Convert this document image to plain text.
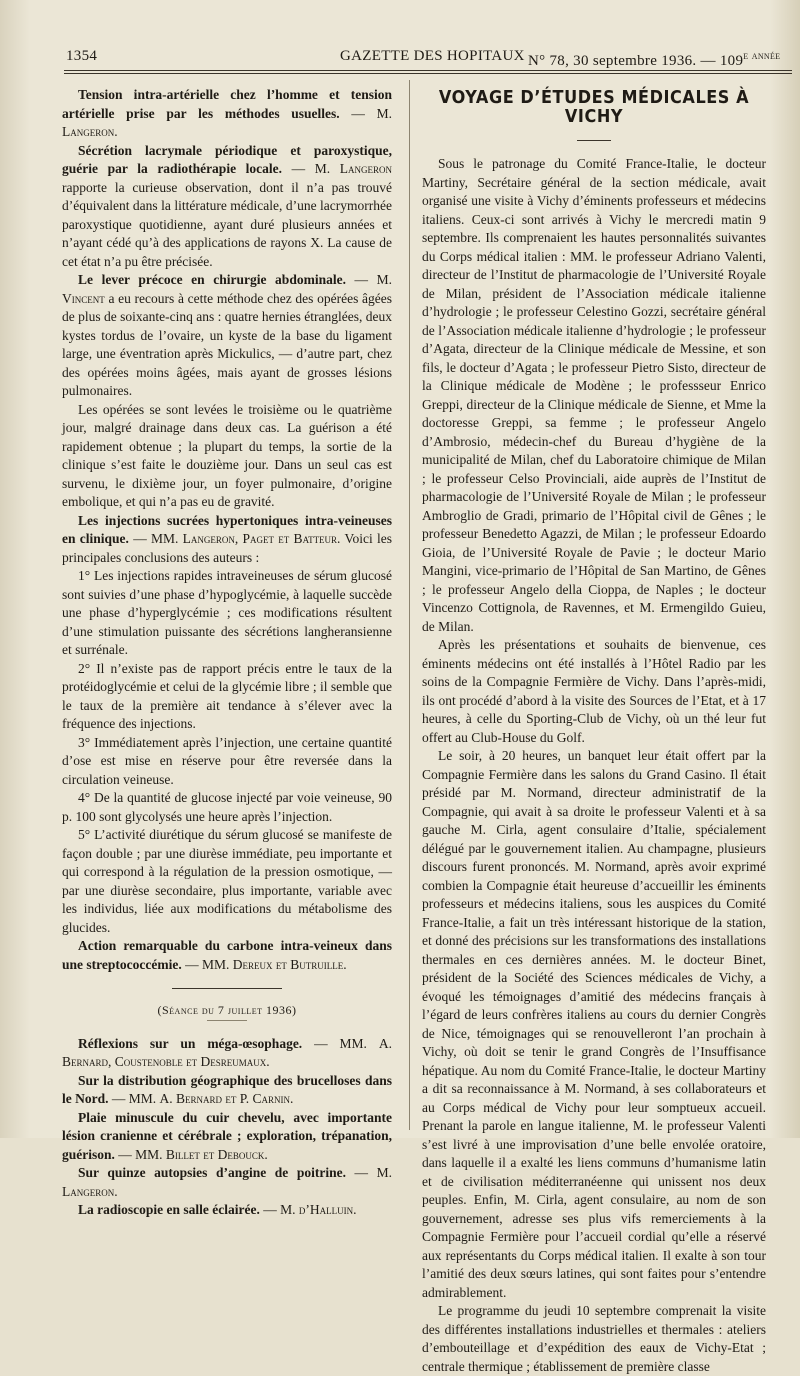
1354	GAZETTE DES HOPITAUX N° 78, 30 septembre 1936. — $109^{e année}$

Tension intra-artérielle chez l’homme et tension artérielle prise par les méthodes usuelles. — M. Langeron.

Sécrétion lacrymale périodique et paroxystique, guérie par la radiothérapie locale. — M. Langeron rapporte la curieuse observation, dont il n’a pas trouvé d’équivalent dans la littérature médicale, d’une lacrymorrhée paroxystique quotidienne, ayant duré plusieurs années et n’ayant cédé qu’à des applications de rayons X. La cause de cet état n’a pu être précisée.

Le lever précoce en chirurgie abdominale. — M. Vincent a eu recours à cette méthode chez des opérées âgées de plus de soixante-cinq ans : quatre hernies étranglées, deux kystes tordus de l’ovaire, un kyste de la base du ligament large, une éventration après Mickulics, — d’autre part, chez des opérées moins âgées, mais ayant de grosses lésions pulmonaires.

Les opérées se sont levées le troisième ou le quatrième jour, malgré drainage dans deux cas. La guérison a été rapidement obtenue ; la plupart du temps, la sortie de la clinique s’est faite le douzième jour. Dans un seul cas est survenu, le dixième jour, un foyer pulmonaire, d’origine embolique, et qui n’a pas eu de gravité.

Les injections sucrées hypertoniques intra-veineuses en clinique. — MM. Langeron, Paget et Batteur. Voici les principales conclusions des auteurs :

1° Les injections rapides intraveineuses de sérum glucosé sont suivies d’une phase d’hypoglycémie, à laquelle succède une phase d’hyperglycémie ; ces modifications résultent d’une stimulation puissante des sécrétions langheransienne et surrénale.

2° Il n’existe pas de rapport précis entre le taux de la protéidoglycémie et celui de la glycémie libre ; il semble que le taux de la première ait tendance à s’élever avec la fréquence des injections.

3° Immédiatement après l’injection, une certaine quantité d’ose est mise en réserve pour être reversée dans la circulation veineuse.

4° De la quantité de glucose injecté par voie veineuse, 90 p. 100 sont glycolysés une heure après l’injection.

5° L’activité diurétique du sérum glucosé se manifeste de façon double ; par une diurèse immédiate, peu importante et qui correspond à la régulation de la pression osmotique, — par une diurèse secondaire, plus importante, variable avec les individus, liée aux modifications du métabolisme des glucides.

Action remarquable du carbone intra-veineux dans une streptococcémie. — MM. Dereux et Butruille.

(Séance du 7 juillet 1936)

Réflexions sur un méga-œsophage. — MM. A. Bernard, Coustenoble et Desreumaux.

Sur la distribution géographique des brucelloses dans le Nord. — MM. A. Bernard et P. Carnin.

Plaie minuscule du cuir chevelu, avec importante lésion cranienne et cérébrale ; exploration, trépanation, guérison. — MM. Billet et Debouck.

Sur quinze autopsies d’angine de poitrine. — M. Langeron.

La radioscopie en salle éclairée. — M. d’Halluin.

VOYAGE D’ÉTUDES MÉDICALES À VICHY

Sous le patronage du Comité France-Italie, le docteur Martiny, Secrétaire général de la section médicale, avait organisé une visite à Vichy d’éminents professeurs et médecins italiens. Ceux-ci sont arrivés à Vichy le mercredi matin 9 septembre. Ils comprenaient les hautes personnalités suivantes du Corps médical italien : MM. le professeur Adriano Valenti, directeur de l’Institut de pharmacologie de l’Université Royale de Milan, président de l’Association médicale italienne d’hydrologie ; le professeur Celestino Gozzi, secrétaire général de l’Association médicale italienne d’hydrologie ; le professeur d’Agata, directeur de la Clinique médicale de Messine, et son fils, le docteur d’Agata ; le professeur Pietro Sisto, directeur de la Clinique médicale de Modène ; le professseur Enrico Greppi, directeur de la Clinique médicale de Sienne, et Mme la doctoresse Greppi, sa femme ; le professeur Angelo d’Ambrosio, médecin-chef du Bureau d’hygiène de la municipalité de Milan, chef du Laboratoire chimique de Milan ; le professeur Celso Provinciali, aide auprès de l’Institut de pharmacologie de l’Université Royale de Milan ; le professeur Ambroglio de Gradi, primario de l’Hôpital civil de Gênes ; le professeur Benedetto Agazzi, de Milan ; le professeur Edoardo Gioia, de l’Université Royale de Pavie ; le docteur Mario Mangini, vice-primario de l’Hôpital de San Martino, de Gênes ; le professeur Angelo della Cioppa, de Naples ; le docteur Vincenzo Cottignola, de Ravennes, et M. Ermengildo Guieu, de Milan.

Après les présentations et souhaits de bienvenue, ces éminents médecins ont été installés à l’Hôtel Radio par les soins de la Compagnie Fermière de Vichy. Dans l’après-midi, ils ont procédé d’abord à la visite des Sources de l’Etat, et à 17 heures, à celle du Sporting-Club de Vichy, où un thé leur fut offert au Club-House du Golf.

Le soir, à 20 heures, un banquet leur était offert par la Compagnie Fermière dans les salons du Grand Casino. Il était présidé par M. Normand, directeur administratif de la Compagnie, qui avait à sa droite le professeur Valenti et à sa gauche M. Cirla, agent consulaire d’Italie, spécialement délégué par le gouvernement italien. Au champagne, plusieurs discours furent prononcés. M. Normand, après avoir exprimé combien la Compagnie était heureuse d’accueillir les éminents professeurs et médecins italiens, sous les auspices du Comité France-Italie, a fait un très intéressant historique de la station, et donné des précisions sur les transformations des installations thermales en ces dernières années. M. le docteur Binet, président de la Société des Sciences médicales de Vichy, a évoqué les témoignages d’amitié des médecins français à l’égard de leurs confrères italiens au cours du dernier Congrès de Nice, témoignages qui se renouvelleront l’an prochain à Vichy, où doit se tenir le grand Congrès de l’Insuffisance hépatique. Au nom du Comité France-Italie, le docteur Martiny a dit sa reconnaissance à M. Normand, à ses collaborateurs et au Corps médical de Vichy pour leur somptueux accueil. Prenant la parole en langue italienne, M. le professeur Valenti s’est livré à une improvisation d’une belle envolée oratoire, dans laquelle il a exalté les liens communs d’humanisme latin et de civilisation méditerranéenne qui unissent nos deux peuples. Enfin, M. Cirla, agent consulaire, au nom de son gouvernement, adresse ses plus vifs remerciements à la Compagnie Fermière pour l’accueil cordial qu’elle a réservé aux représentants du Corps médical italien. Il exalte à son tour l’amitié des deux sœurs latines, qui sont faites pour s’entendre admirablement.

Le programme du jeudi 10 septembre comprenait la visite des différentes installations industrielles et thermales : ateliers d’embouteillage et d’expédition des eaux de Vichy-Etat ; centrale thermique ; établissement de première classe
